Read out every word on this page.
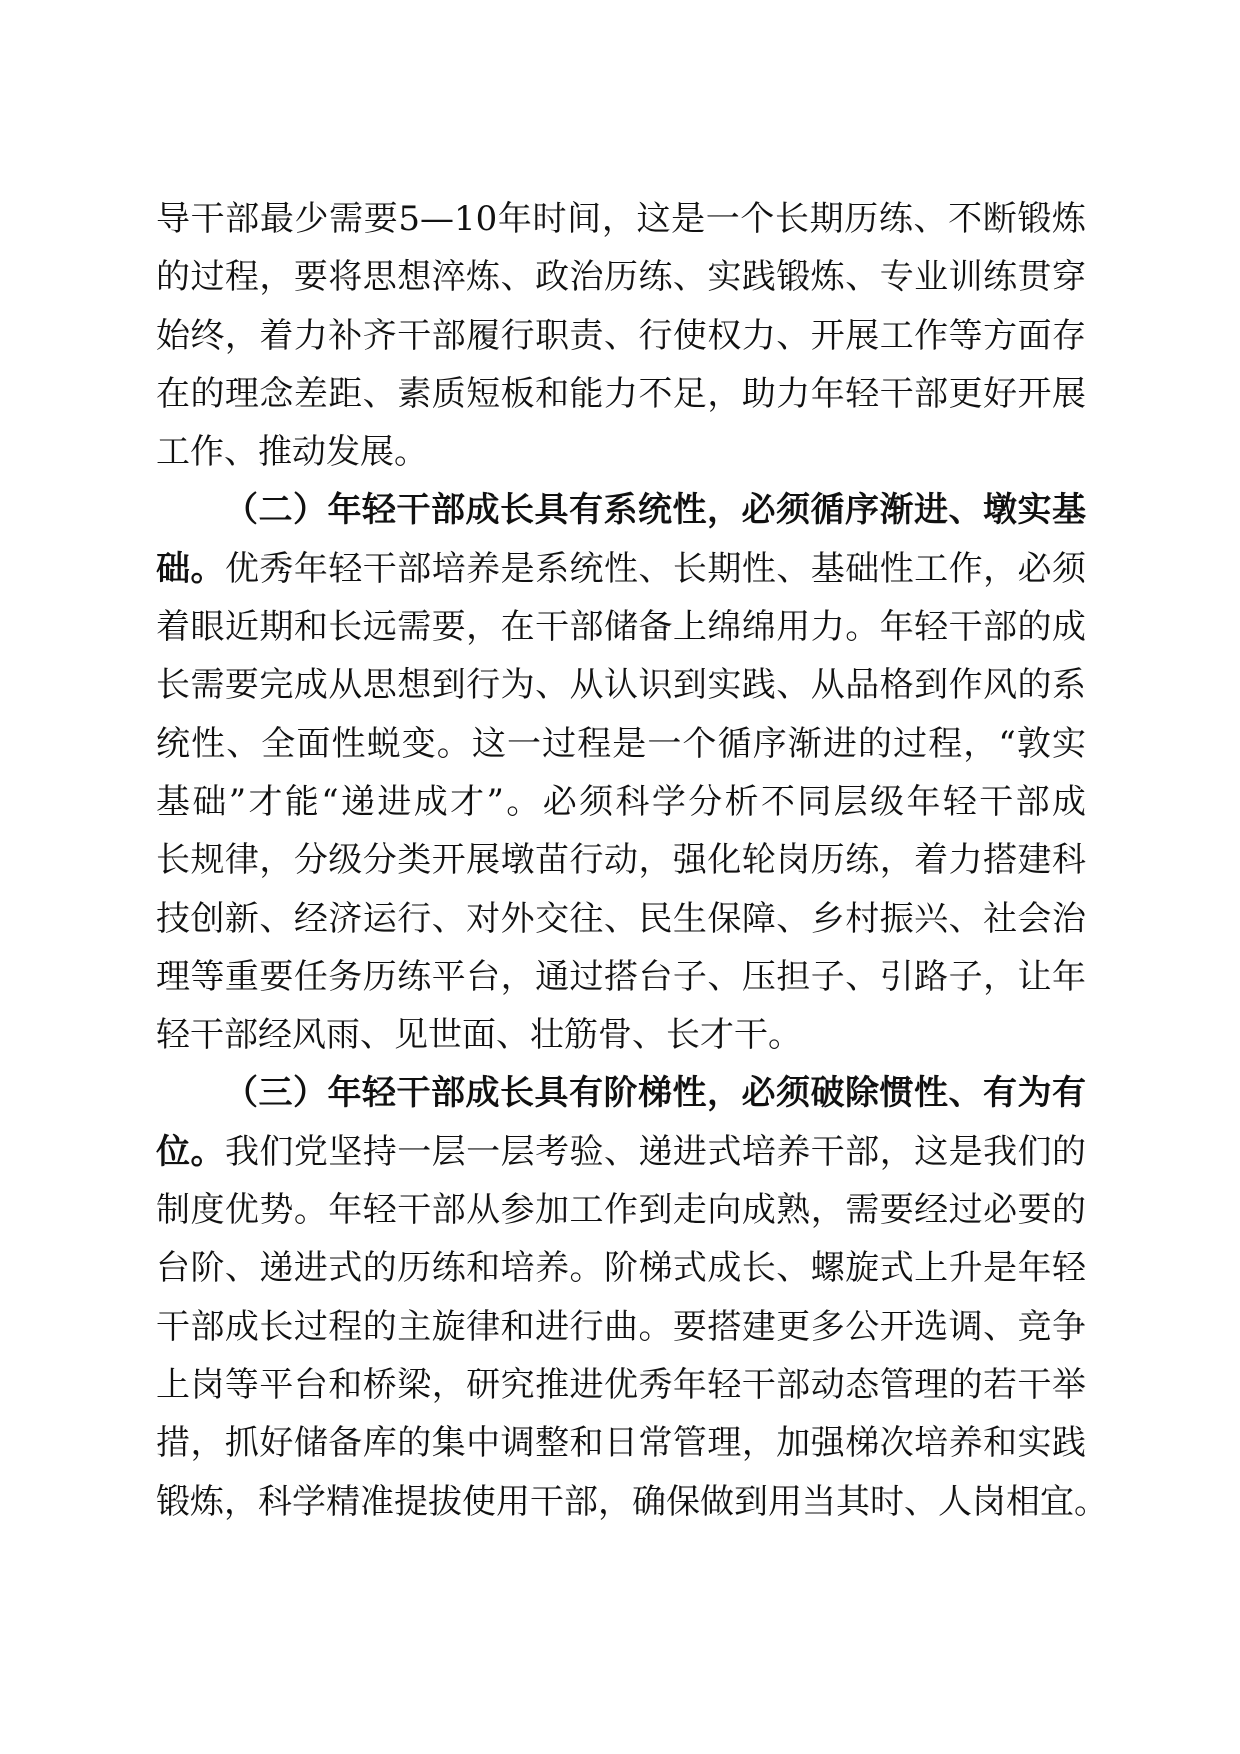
导干部最少需要5—10年时间，这是一个长期历练、不断锻炼
的过程，要将思想淬炼、政治历练、实践锻炼、专业训练贯穿
始终，着力补齐干部履行职责、行使权力、开展工作等方面存
在的理念差距、素质短板和能力不足，助力年轻干部更好开展
工作、推动发展。
（二）年轻干部成长具有系统性，必须循序渐进、墩实基
础。优秀年轻干部培养是系统性、长期性、基础性工作，必须
着眼近期和长远需要，在干部储备上绵绵用力。年轻干部的成
长需要完成从思想到行为、从认识到实践、从品格到作风的系
统性、全面性蜕变。这一过程是一个循序渐进的过程，“敦实
基础”才能“递进成才”。必须科学分析不同层级年轻干部成
长规律，分级分类开展墩苗行动，强化轮岗历练，着力搭建科
技创新、经济运行、对外交往、民生保障、乡村振兴、社会治
理等重要任务历练平台，通过搭台子、压担子、引路子，让年
轻干部经风雨、见世面、壮筋骨、长才干。
（三）年轻干部成长具有阶梯性，必须破除惯性、有为有
位。我们党坚持一层一层考验、递进式培养干部，这是我们的
制度优势。年轻干部从参加工作到走向成熟，需要经过必要的
台阶、递进式的历练和培养。阶梯式成长、螺旋式上升是年轻
干部成长过程的主旋律和进行曲。要搭建更多公开选调、竞争
上岗等平台和桥梁，研究推进优秀年轻干部动态管理的若干举
措，抓好储备库的集中调整和日常管理，加强梯次培养和实践
锻炼，科学精准提拔使用干部，确保做到用当其时、人岗相宜。
